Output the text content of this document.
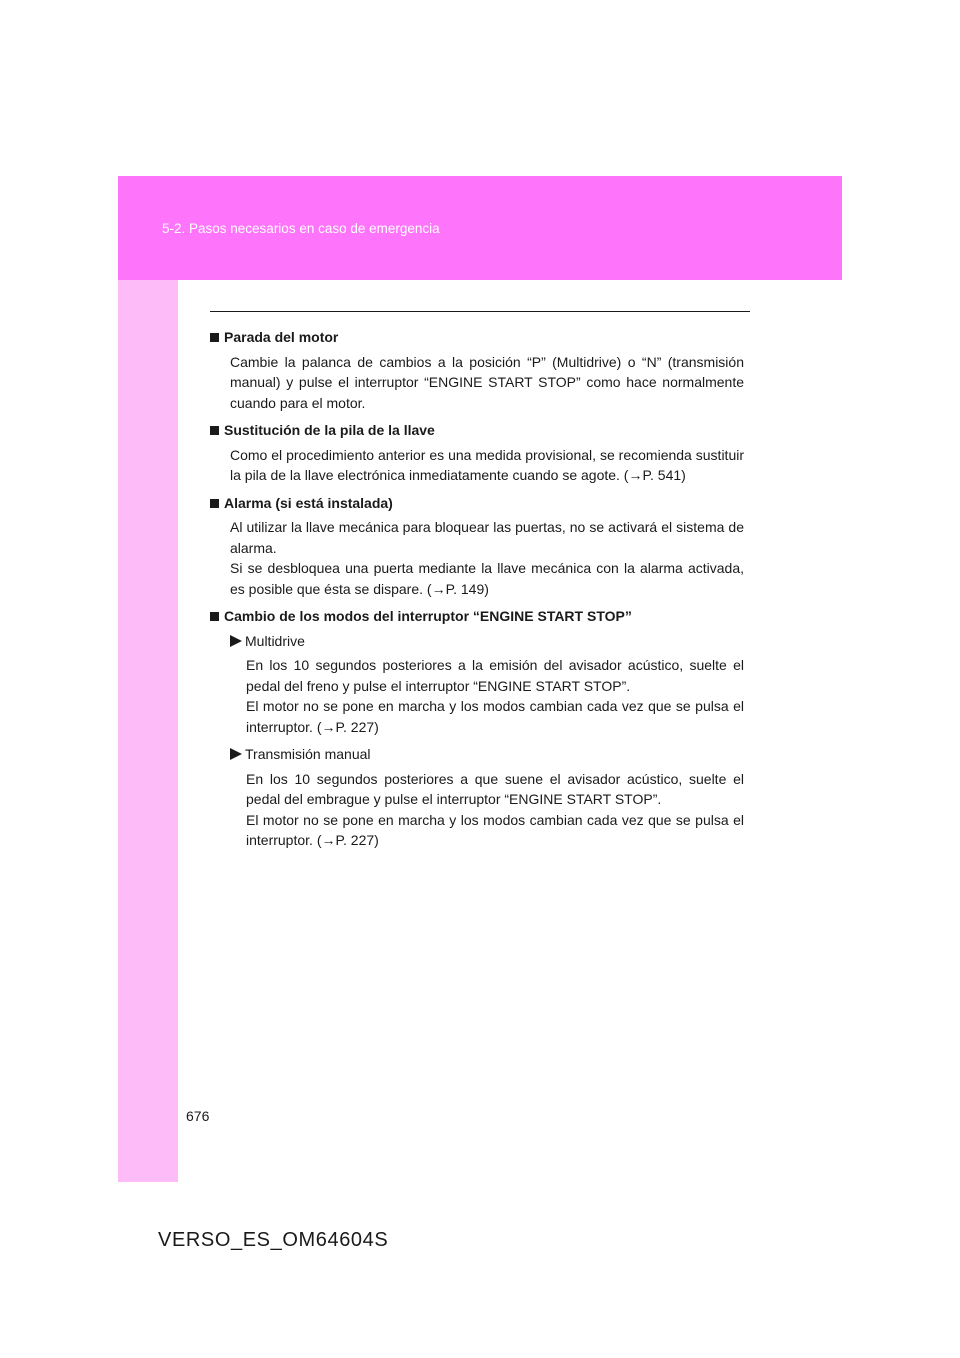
5-2. Pasos necesarios en caso de emergencia
Parada del motor
Cambie la palanca de cambios a la posición “P” (Multidrive) o “N” (transmisión manual) y pulse el interruptor “ENGINE START STOP” como hace normalmente cuando para el motor.
Sustitución de la pila de la llave
Como el procedimiento anterior es una medida provisional, se recomienda sustituir la pila de la llave electrónica inmediatamente cuando se agote. (→P. 541)
Alarma (si está instalada)
Al utilizar la llave mecánica para bloquear las puertas, no se activará el sistema de alarma.
Si se desbloquea una puerta mediante la llave mecánica con la alarma activada, es posible que ésta se dispare. (→P. 149)
Cambio de los modos del interruptor “ENGINE START STOP”
Multidrive
En los 10 segundos posteriores a la emisión del avisador acústico, suelte el pedal del freno y pulse el interruptor “ENGINE START STOP”.
El motor no se pone en marcha y los modos cambian cada vez que se pulsa el interruptor. (→P. 227)
Transmisión manual
En los 10 segundos posteriores a que suene el avisador acústico, suelte el pedal del embrague y pulse el interruptor “ENGINE START STOP”.
El motor no se pone en marcha y los modos cambian cada vez que se pulsa el interruptor. (→P. 227)
676
VERSO_ES_OM64604S
